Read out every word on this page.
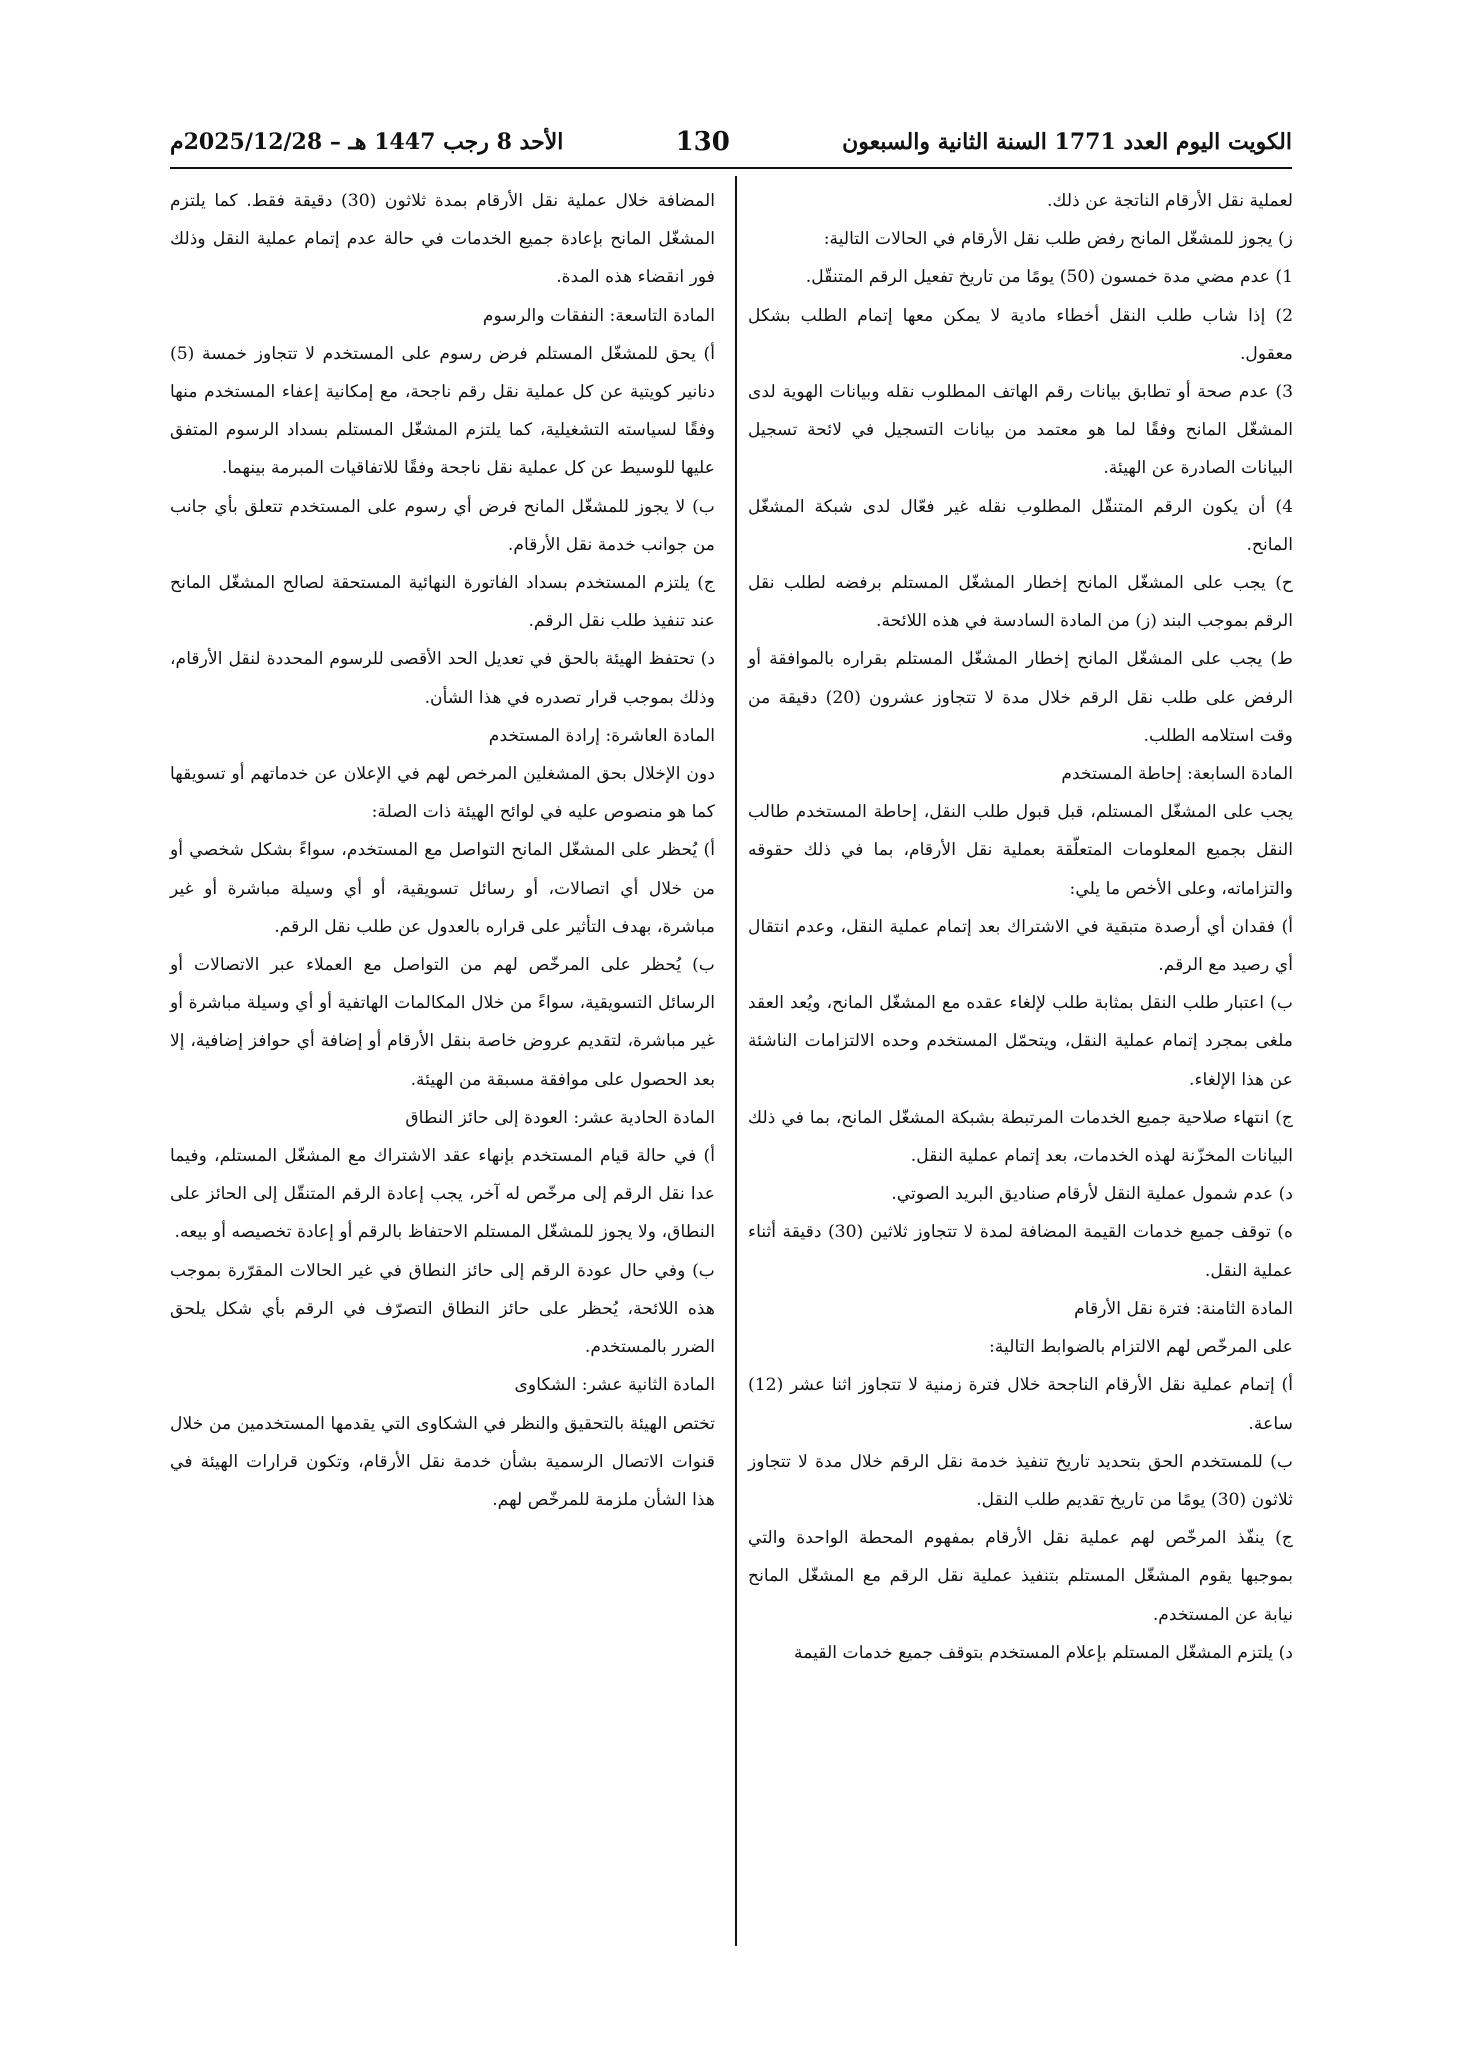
الكويت اليوم العدد 1771 السنة الثانية والسبعون
130
الأحد 8 رجب 1447 هـ – 2025/12/28م

لعملية نقل الأرقام الناتجة عن ذلك.

ز) يجوز للمشغّل المانح رفض طلب نقل الأرقام في الحالات التالية:

1) عدم مضي مدة خمسون (50) يومًا من تاريخ تفعيل الرقم المتنقّل.

2) إذا شاب طلب النقل أخطاء مادية لا يمكن معها إتمام الطلب بشكل معقول.

3) عدم صحة أو تطابق بيانات رقم الهاتف المطلوب نقله وبيانات الهوية لدى المشغّل المانح وفقًا لما هو معتمد من بيانات التسجيل في لائحة تسجيل البيانات الصادرة عن الهيئة.

4) أن يكون الرقم المتنقّل المطلوب نقله غير فعّال لدى شبكة المشغّل المانح.

ح) يجب على المشغّل المانح إخطار المشغّل المستلم برفضه لطلب نقل الرقم بموجب البند (ز) من المادة السادسة في هذه اللائحة.

ط) يجب على المشغّل المانح إخطار المشغّل المستلم بقراره بالموافقة أو الرفض على طلب نقل الرقم خلال مدة لا تتجاوز عشرون (20) دقيقة من وقت استلامه الطلب.

المادة السابعة: إحاطة المستخدم

يجب على المشغّل المستلم، قبل قبول طلب النقل، إحاطة المستخدم طالب النقل بجميع المعلومات المتعلّقة بعملية نقل الأرقام، بما في ذلك حقوقه والتزاماته، وعلى الأخص ما يلي:

أ) فقدان أي أرصدة متبقية في الاشتراك بعد إتمام عملية النقل، وعدم انتقال أي رصيد مع الرقم.

ب) اعتبار طلب النقل بمثابة طلب لإلغاء عقده مع المشغّل المانح، ويُعد العقد ملغى بمجرد إتمام عملية النقل، ويتحمّل المستخدم وحده الالتزامات الناشئة عن هذا الإلغاء.

ج) انتهاء صلاحية جميع الخدمات المرتبطة بشبكة المشغّل المانح، بما في ذلك البيانات المخزّنة لهذه الخدمات، بعد إتمام عملية النقل.

د) عدم شمول عملية النقل لأرقام صناديق البريد الصوتي.

ه) توقف جميع خدمات القيمة المضافة لمدة لا تتجاوز ثلاثين (30) دقيقة أثناء عملية النقل.

المادة الثامنة: فترة نقل الأرقام

على المرخّص لهم الالتزام بالضوابط التالية:

أ) إتمام عملية نقل الأرقام الناجحة خلال فترة زمنية لا تتجاوز اثنا عشر (12) ساعة.

ب) للمستخدم الحق بتحديد تاريخ تنفيذ خدمة نقل الرقم خلال مدة لا تتجاوز ثلاثون (30) يومًا من تاريخ تقديم طلب النقل.

ج) ينفّذ المرخّص لهم عملية نقل الأرقام بمفهوم المحطة الواحدة والتي بموجبها يقوم المشغّل المستلم بتنفيذ عملية نقل الرقم مع المشغّل المانح نيابة عن المستخدم.

د) يلتزم المشغّل المستلم بإعلام المستخدم بتوقف جميع خدمات القيمة

المضافة خلال عملية نقل الأرقام بمدة ثلاثون (30) دقيقة فقط. كما يلتزم المشغّل المانح بإعادة جميع الخدمات في حالة عدم إتمام عملية النقل وذلك فور انقضاء هذه المدة.

المادة التاسعة: النفقات والرسوم

أ) يحق للمشغّل المستلم فرض رسوم على المستخدم لا تتجاوز خمسة (5) دنانير كويتية عن كل عملية نقل رقم ناجحة، مع إمكانية إعفاء المستخدم منها وفقًا لسياسته التشغيلية، كما يلتزم المشغّل المستلم بسداد الرسوم المتفق عليها للوسيط عن كل عملية نقل ناجحة وفقًا للاتفاقيات المبرمة بينهما.

ب) لا يجوز للمشغّل المانح فرض أي رسوم على المستخدم تتعلق بأي جانب من جوانب خدمة نقل الأرقام.

ج) يلتزم المستخدم بسداد الفاتورة النهائية المستحقة لصالح المشغّل المانح عند تنفيذ طلب نقل الرقم.

د) تحتفظ الهيئة بالحق في تعديل الحد الأقصى للرسوم المحددة لنقل الأرقام، وذلك بموجب قرار تصدره في هذا الشأن.

المادة العاشرة: إرادة المستخدم

دون الإخلال بحق المشغلين المرخص لهم في الإعلان عن خدماتهم أو تسويقها كما هو منصوص عليه في لوائح الهيئة ذات الصلة:

أ) يُحظر على المشغّل المانح التواصل مع المستخدم، سواءً بشكل شخصي أو من خلال أي اتصالات، أو رسائل تسويقية، أو أي وسيلة مباشرة أو غير مباشرة، بهدف التأثير على قراره بالعدول عن طلب نقل الرقم.

ب) يُحظر على المرخّص لهم من التواصل مع العملاء عبر الاتصالات أو الرسائل التسويقية، سواءً من خلال المكالمات الهاتفية أو أي وسيلة مباشرة أو غير مباشرة، لتقديم عروض خاصة بنقل الأرقام أو إضافة أي حوافز إضافية، إلا بعد الحصول على موافقة مسبقة من الهيئة.

المادة الحادية عشر: العودة إلى حائز النطاق

أ) في حالة قيام المستخدم بإنهاء عقد الاشتراك مع المشغّل المستلم، وفيما عدا نقل الرقم إلى مرخّص له آخر، يجب إعادة الرقم المتنقّل إلى الحائز على النطاق، ولا يجوز للمشغّل المستلم الاحتفاظ بالرقم أو إعادة تخصيصه أو بيعه.

ب) وفي حال عودة الرقم إلى حائز النطاق في غير الحالات المقرّرة بموجب هذه اللائحة، يُحظر على حائز النطاق التصرّف في الرقم بأي شكل يلحق الضرر بالمستخدم.

المادة الثانية عشر: الشكاوى

تختص الهيئة بالتحقيق والنظر في الشكاوى التي يقدمها المستخدمين من خلال قنوات الاتصال الرسمية بشأن خدمة نقل الأرقام، وتكون قرارات الهيئة في هذا الشأن ملزمة للمرخّص لهم.
